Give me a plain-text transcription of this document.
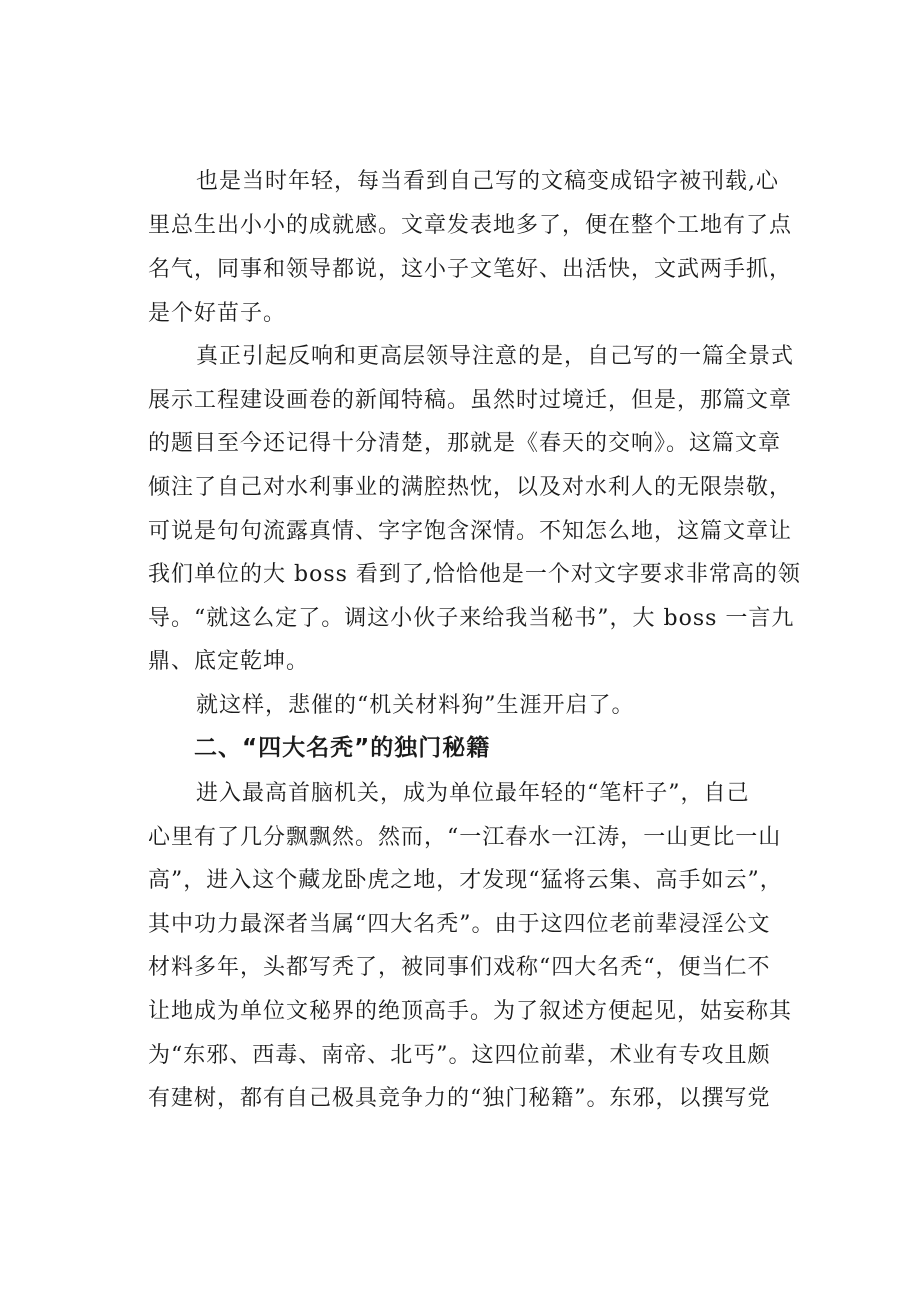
也是当时年轻，每当看到自己写的文稿变成铅字被刊载,心
里总生出小小的成就感。文章发表地多了，便在整个工地有了点
名气，同事和领导都说，这小子文笔好、出活快，文武两手抓，
是个好苗子。
真正引起反响和更高层领导注意的是，自己写的一篇全景式
展示工程建设画卷的新闻特稿。虽然时过境迁，但是，那篇文章
的题目至今还记得十分清楚，那就是《春天的交响》。这篇文章
倾注了自己对水利事业的满腔热忱，以及对水利人的无限崇敬，
可说是句句流露真情、字字饱含深情。不知怎么地，这篇文章让
我们单位的大 boss 看到了,恰恰他是一个对文字要求非常高的领
导。“就这么定了。调这小伙子来给我当秘书”，大 boss 一言九
鼎、底定乾坤。
就这样，悲催的“机关材料狗”生涯开启了。
二、“四大名秃”的独门秘籍
进入最高首脑机关，成为单位最年轻的“笔杆子”，自己
心里有了几分飘飘然。然而，“一江春水一江涛，一山更比一山
高”，进入这个藏龙卧虎之地，才发现“猛将云集、高手如云”，
其中功力最深者当属“四大名秃”。由于这四位老前辈浸淫公文
材料多年，头都写秃了，被同事们戏称“四大名秃“，便当仁不
让地成为单位文秘界的绝顶高手。为了叙述方便起见，姑妄称其
为“东邪、西毒、南帝、北丐”。这四位前辈，术业有专攻且颇
有建树，都有自己极具竞争力的“独门秘籍”。东邪，以撰写党
